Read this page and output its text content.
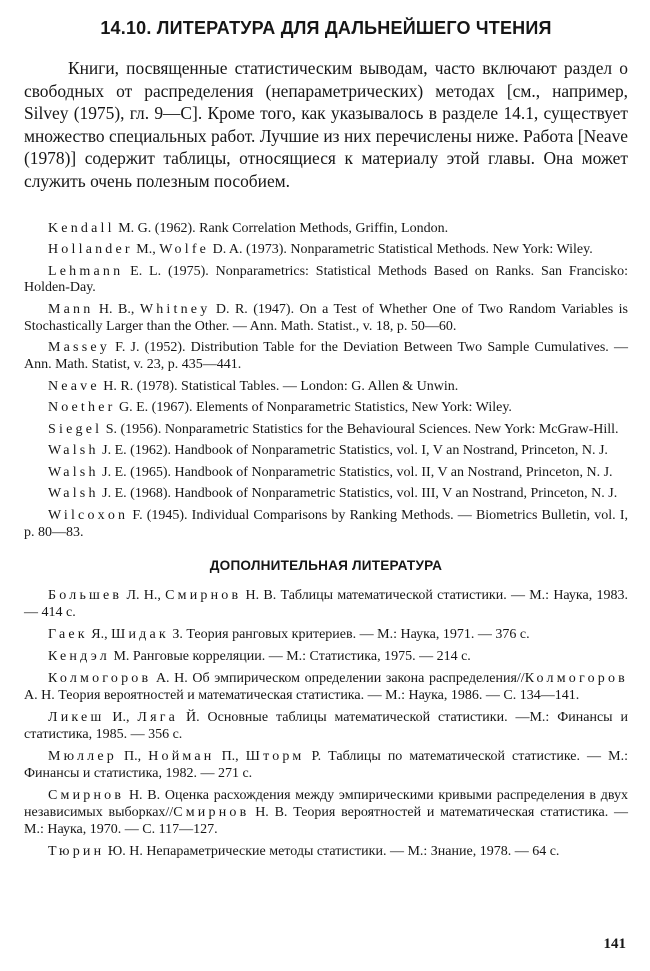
14.10. ЛИТЕРАТУРА ДЛЯ ДАЛЬНЕЙШЕГО ЧТЕНИЯ

Книги, посвященные статистическим выводам, часто включают раздел о свободных от распределения (непараметрических) методах [см., например, Silvey (1975), гл. 9—C]. Кроме того, как указывалось в разделе 14.1, существует множество специальных работ. Лучшие из них перечислены ниже. Работа [Neave (1978)] содержит таблицы, относящиеся к материалу этой главы. Она может служить очень полезным пособием.

Kendall M. G. (1962). Rank Correlation Methods, Griffin, London.

Hollander M., Wolfe D. A. (1973). Nonparametric Statistical Methods. New York: Wiley.

Lehmann E. L. (1975). Nonparametrics: Statistical Methods Based on Ranks. San Francisko: Holden-Day.

Mann H. B., Whitney D. R. (1947). On a Test of Whether One of Two Random Variables is Stochastically Larger than the Other. — Ann. Math. Statist., v. 18, p. 50—60.

Massey F. J. (1952). Distribution Table for the Deviation Between Two Sample Cumulatives. — Ann. Math. Statist, v. 23, p. 435—441.

Neave H. R. (1978). Statistical Tables. — London: G. Allen & Unwin.

Noether G. E. (1967). Elements of Nonparametric Statistics, New York: Wiley.

Siegel S. (1956). Nonparametric Statistics for the Behavioural Sciences. New York: McGraw-Hill.

Walsh J. E. (1962). Handbook of Nonparametric Statistics, vol. I, V an Nostrand, Princeton, N. J.

Walsh J. E. (1965). Handbook of Nonparametric Statistics, vol. II, V an Nostrand, Princeton, N. J.

Walsh J. E. (1968). Handbook of Nonparametric Statistics, vol. III, V an Nostrand, Princeton, N. J.

Wilcoxon F. (1945). Individual Comparisons by Ranking Methods. — Biometrics Bulletin, vol. I, p. 80—83.

ДОПОЛНИТЕЛЬНАЯ ЛИТЕРАТУРА

Большев Л. Н., Смирнов Н. В. Таблицы математической статистики. — М.: Наука, 1983. — 414 с.

Гаек Я., Шидак З. Теория ранговых критериев. — М.: Наука, 1971. — 376 с.

Кендэл М. Ранговые корреляции. — М.: Статистика, 1975. — 214 с.

Колмогоров А. Н. Об эмпирическом определении закона распределения//Колмогоров А. Н. Теория вероятностей и математическая статистика. — М.: Наука, 1986. — С. 134—141.

Ликеш И., Ляга Й. Основные таблицы математической статистики. —М.: Финансы и статистика, 1985. — 356 с.

Мюллер П., Нойман П., Шторм Р. Таблицы по математической статистике. — М.: Финансы и статистика, 1982. — 271 с.

Смирнов Н. В. Оценка расхождения между эмпирическими кривыми распределения в двух независимых выборках//Смирнов Н. В. Теория вероятностей и математическая статистика. — М.: Наука, 1970. — С. 117—127.

Тюрин Ю. Н. Непараметрические методы статистики. — М.: Знание, 1978. — 64 с.

141
